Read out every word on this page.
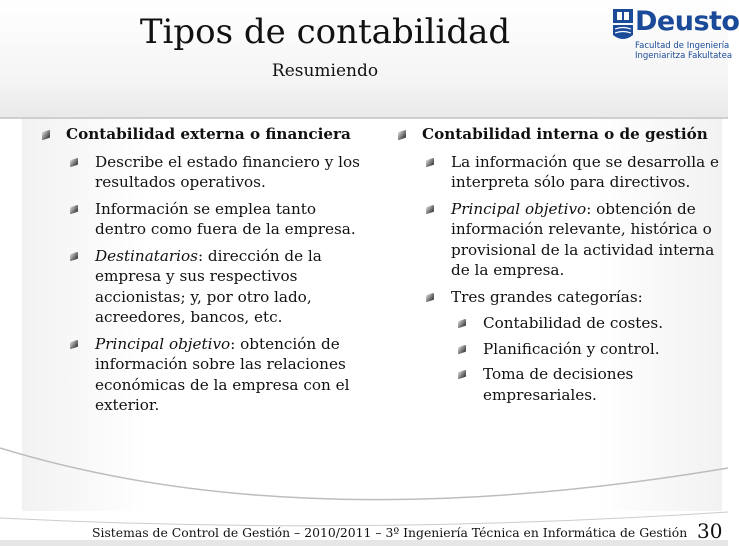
Tipos de contabilidad
Resumiendo
Deusto
Facultad de Ingeniería
Ingeniaritza Fakultatea
Contabilidad externa o financiera
Describe el estado financiero y los resultados operativos.
Información se emplea tanto dentro como fuera de la empresa.
Destinatarios: dirección de la empresa y sus respectivos accionistas; y, por otro lado, acreedores, bancos, etc.
Principal objetivo: obtención de información sobre las relaciones económicas de la empresa con el exterior.
Contabilidad interna o de gestión
La información que se desarrolla e interpreta sólo para directivos.
Principal objetivo: obtención de información relevante, histórica o provisional de la actividad interna de la empresa.
Tres grandes categorías:
Contabilidad de costes.
Planificación y control.
Toma de decisiones empresariales.
Sistemas de Control de Gestión – 2010/2011 – 3º Ingeniería Técnica en Informática de Gestión 30
